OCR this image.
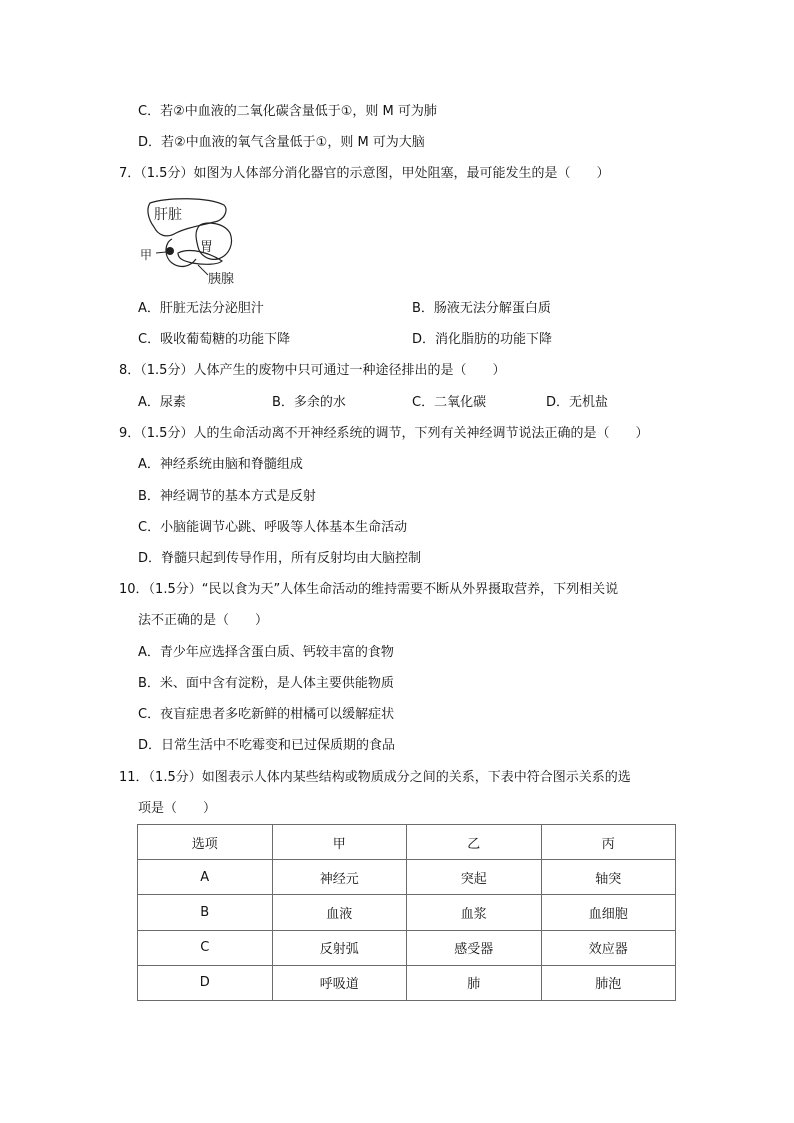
C．若②中血液的二氧化碳含量低于①，则 M 可为肺
D．若②中血液的氧气含量低于①，则 M 可为大脑
7．（1.5分）如图为人体部分消化器官的示意图，甲处阻塞，最可能发生的是（　　）
肝脏
胃
甲
胰腺
A．肝脏无法分泌胆汁	B．肠液无法分解蛋白质
C．吸收葡萄糖的功能下降	D．消化脂肪的功能下降
8．（1.5分）人体产生的废物中只可通过一种途径排出的是（　　）
A．尿素	B．多余的水	C．二氧化碳	D．无机盐
9．（1.5分）人的生命活动离不开神经系统的调节，下列有关神经调节说法正确的是（　　）
A．神经系统由脑和脊髓组成
B．神经调节的基本方式是反射
C．小脑能调节心跳、呼吸等人体基本生命活动
D．脊髓只起到传导作用，所有反射均由大脑控制
10．（1.5分）“民以食为天”人体生命活动的维持需要不断从外界摄取营养，下列相关说
法不正确的是（　　）
A．青少年应选择含蛋白质、钙较丰富的食物
B．米、面中含有淀粉，是人体主要供能物质
C．夜盲症患者多吃新鲜的柑橘可以缓解症状
D．日常生活中不吃霉变和已过保质期的食品
11．（1.5分）如图表示人体内某些结构或物质成分之间的关系，下表中符合图示关系的选
项是（　　）
选项	甲	乙	丙
A	神经元	突起	轴突
B	血液	血浆	血细胞
C	反射弧	感受器	效应器
D	呼吸道	肺	肺泡
